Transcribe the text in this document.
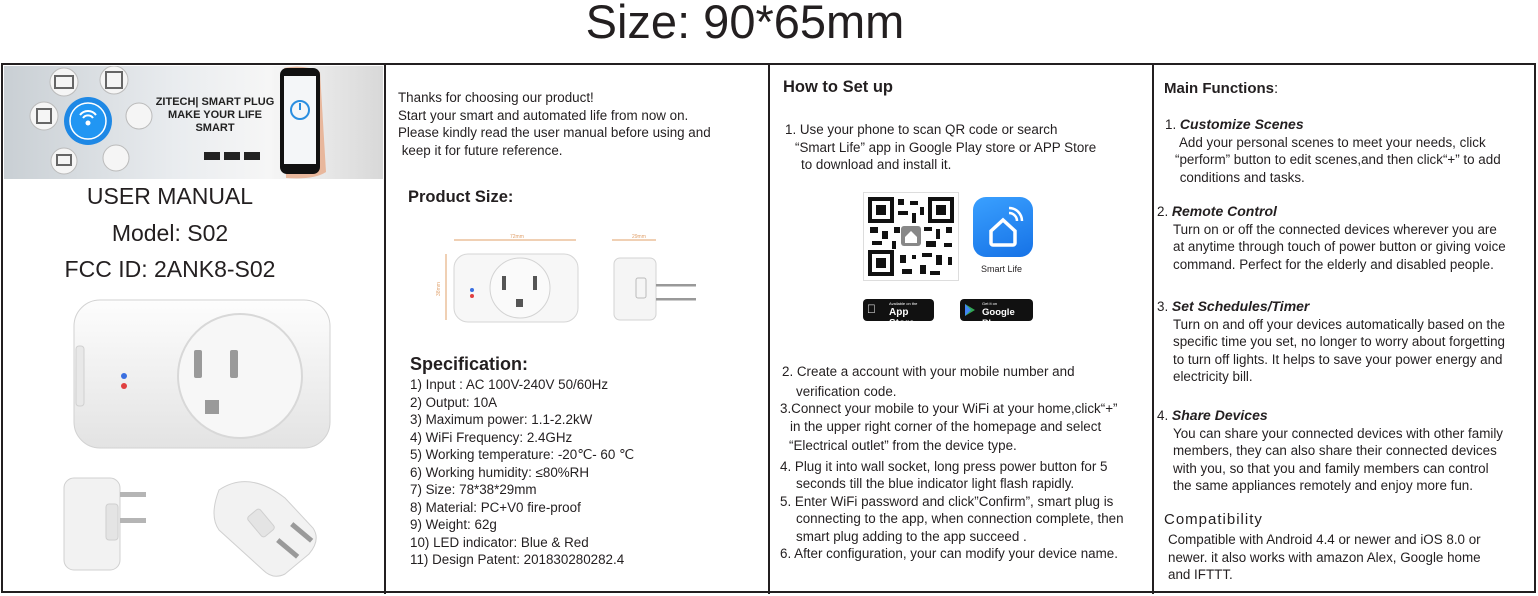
Size: 90*65mm
ZITECH| SMART PLUG
MAKE YOUR LIFE
SMART
USER MANUAL
Model: S02
FCC ID: 2ANK8-S02
Thanks for choosing our product!
Start your smart and automated life from now on.
Please kindly read the user manual before using and
keep it for future reference.
Product Size:
72mm	29mm
38mm
Specification:
1) Input : AC 100V-240V 50/60Hz
2) Output: 10A
3) Maximum power: 1.1-2.2kW
4) WiFi Frequency: 2.4GHz
5) Working temperature: -20℃- 60 ℃
6) Working humidity: ≤80%RH
7) Size: 78*38*29mm
8) Material: PC+V0 fire-proof
9) Weight: 62g
10) LED indicator: Blue & Red
11) Design Patent: 201830280282.4
How to Set up
1. Use your phone to scan QR code or search
“Smart Life” app in Google Play store or APP Store
to download and install it.
Smart Life
Available on the
App Store
Get it on
Google Play
2. Create a account with your mobile number and
verification code.
3.Connect your mobile to your WiFi at your home,click“+”
in the upper right corner of the homepage and select
“Electrical outlet” from the device type.
4. Plug it into wall socket, long press power button for 5
seconds till the blue indicator light flash rapidly.
5. Enter WiFi password and click”Confirm”, smart plug is
connecting to the app, when connection complete, then
smart plug adding to the app succeed .
6. After configuration, your can modify your device name.
Main Functions:
1. Customize Scenes
Add your personal scenes to meet your needs, click
“perform” button to edit scenes,and then click“+” to add
conditions and tasks.
2. Remote Control
Turn on or off the connected devices wherever you are
at anytime through touch of power button or giving voice
command. Perfect for the elderly and disabled people.
3. Set Schedules/Timer
Turn on and off your devices automatically based on the
specific time you set, no longer to worry about forgetting
to turn off lights. It helps to save your power energy and
electricity bill.
4. Share Devices
You can share your connected devices with other family
members, they can also share their connected devices
with you, so that you and family members can control
the same appliances remotely and enjoy more fun.
Compatibility
Compatible with Android 4.4 or newer and iOS 8.0 or
newer. it also works with amazon Alex, Google home
and IFTTT.
